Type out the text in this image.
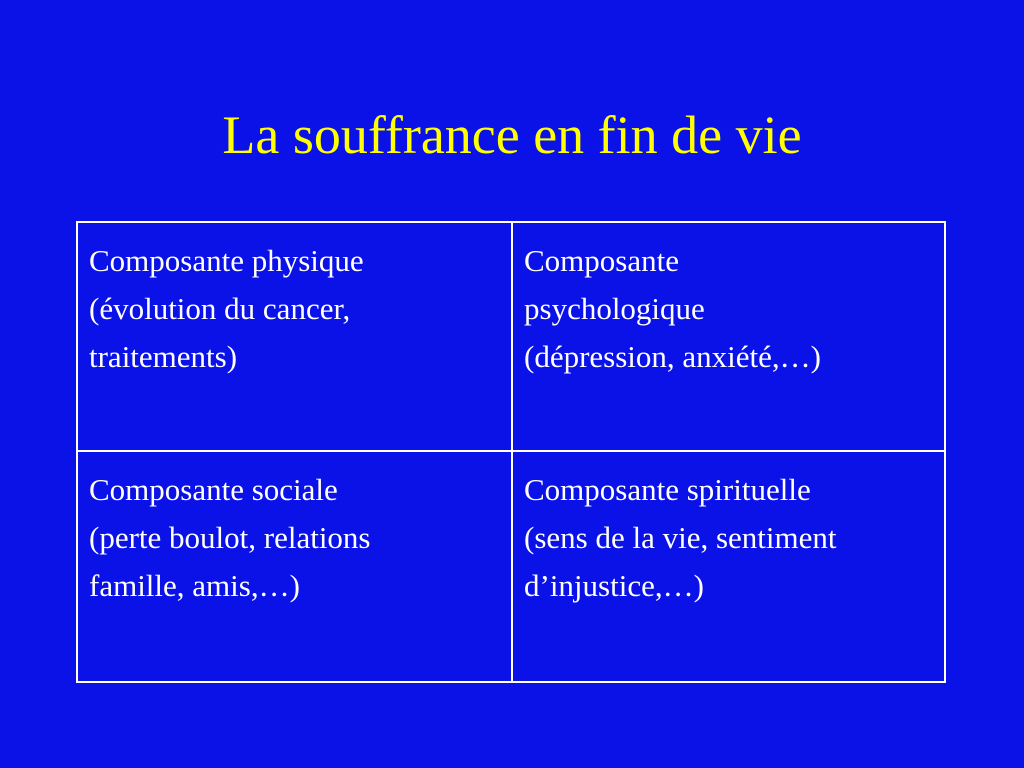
La souffrance en fin de vie
Composante physique
(évolution du cancer,
traitements)
Composante
psychologique
(dépression, anxiété,…)
Composante sociale
(perte boulot, relations
famille, amis,…)
Composante spirituelle
(sens de la vie, sentiment
d’injustice,…)
